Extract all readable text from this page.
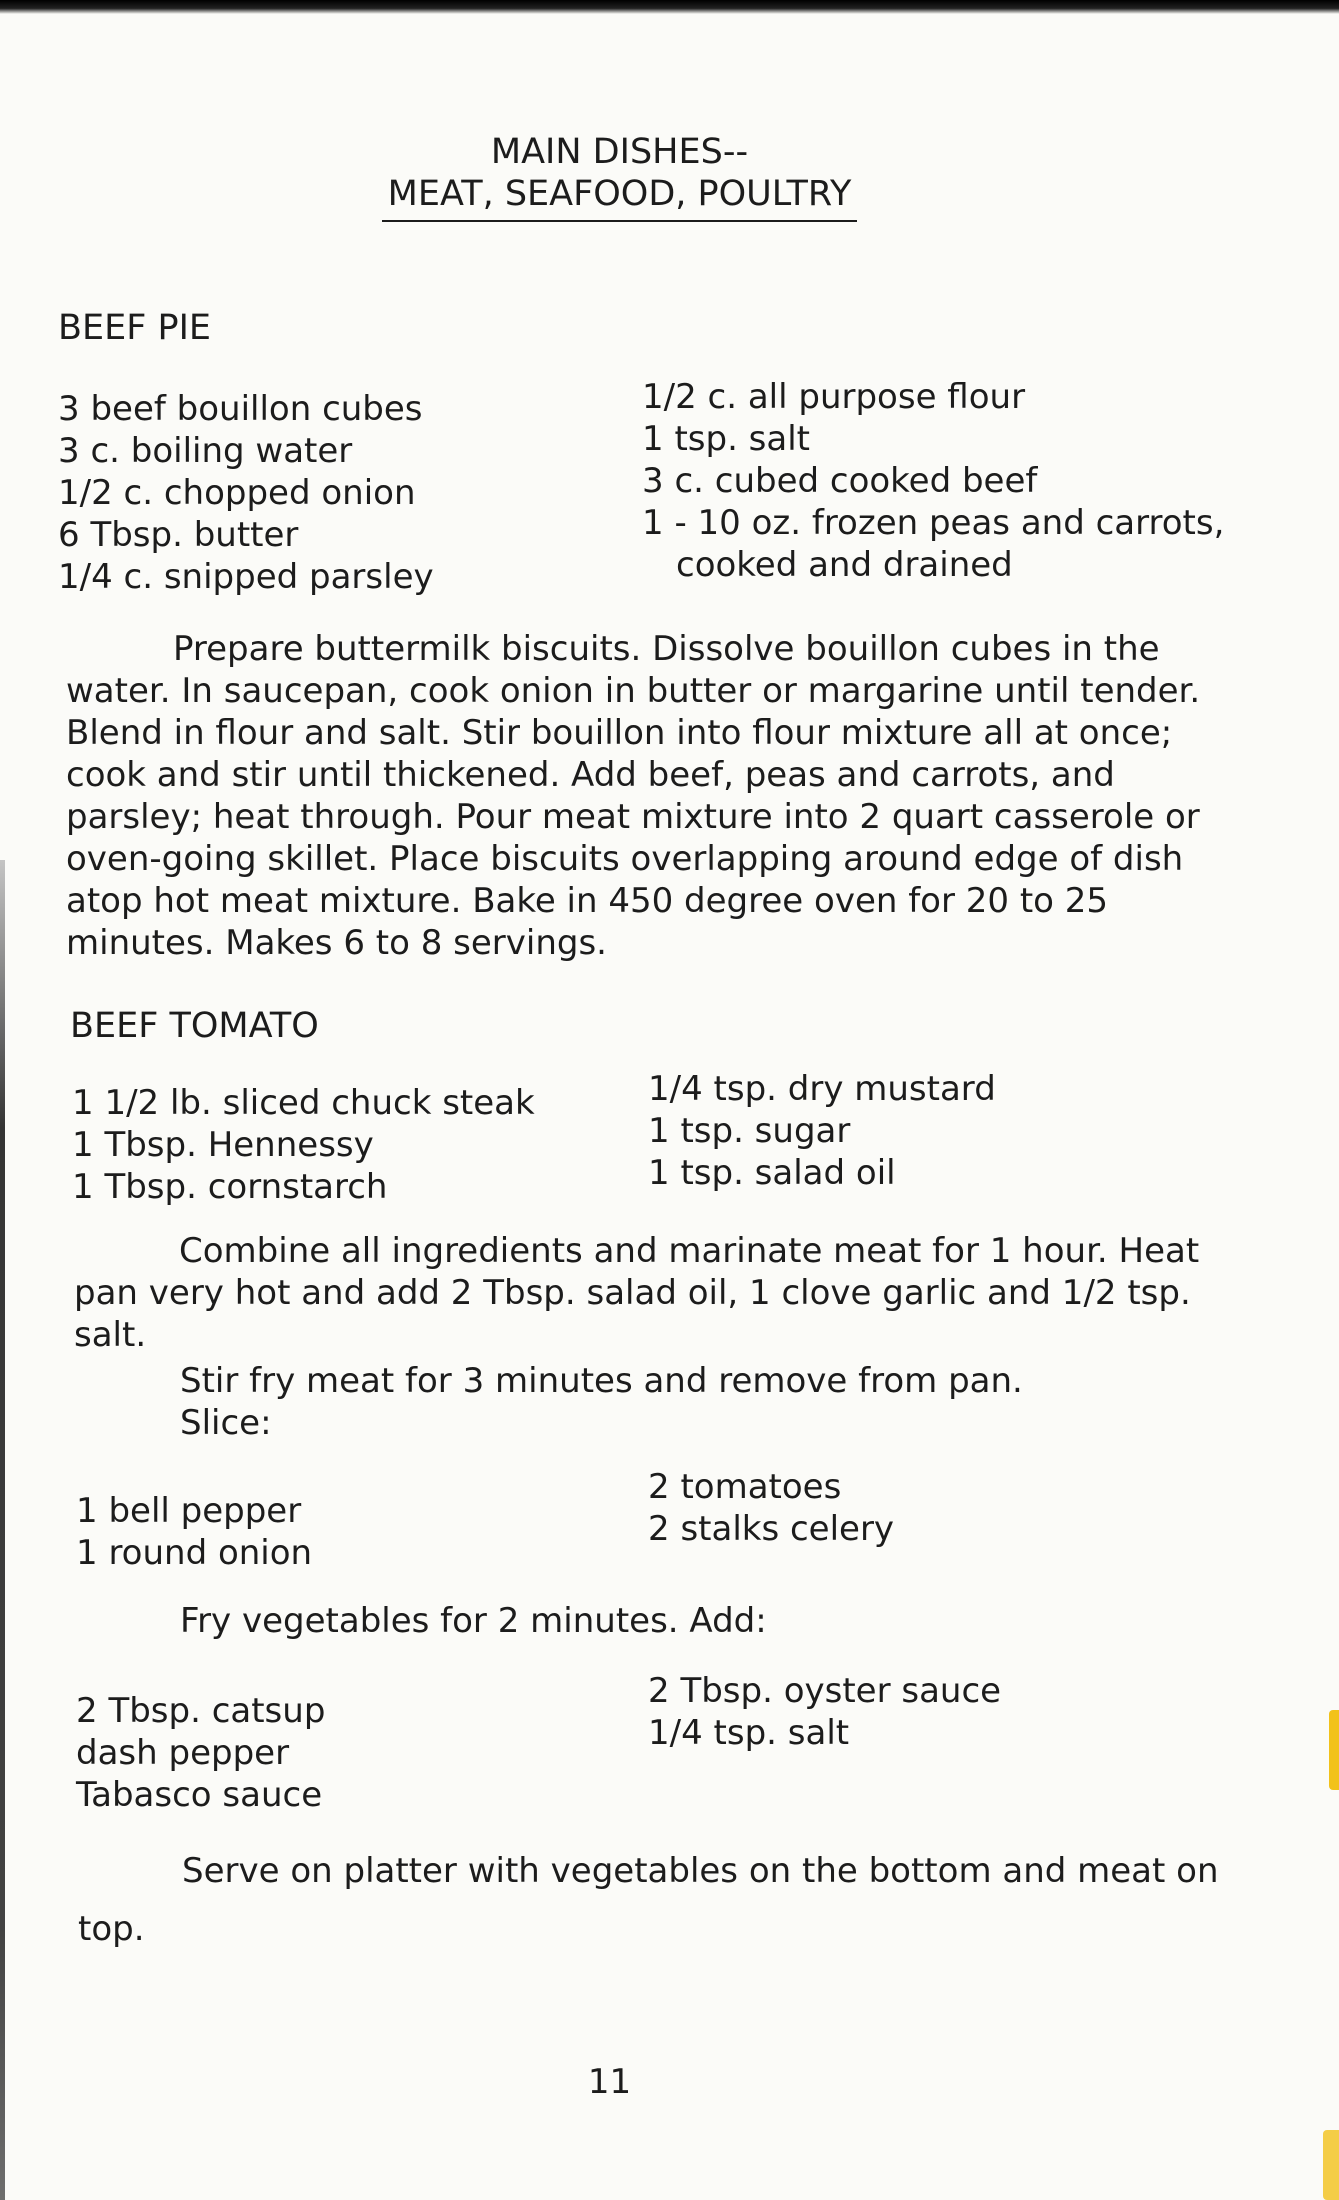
MAIN DISHES--
MEAT, SEAFOOD, POULTRY
BEEF PIE
3 beef bouillon cubes
3 c. boiling water
1/2 c. chopped onion
6 Tbsp. butter
1/4 c. snipped parsley
1/2 c. all purpose flour
1 tsp. salt
3 c. cubed cooked beef
1 - 10 oz. frozen peas and carrots,
cooked and drained
Prepare buttermilk biscuits. Dissolve bouillon cubes in the
water. In saucepan, cook onion in butter or margarine until tender.
Blend in flour and salt. Stir bouillon into flour mixture all at once;
cook and stir until thickened. Add beef, peas and carrots, and
parsley; heat through. Pour meat mixture into 2 quart casserole or
oven-going skillet. Place biscuits overlapping around edge of dish
atop hot meat mixture. Bake in 450 degree oven for 20 to 25
minutes. Makes 6 to 8 servings.
BEEF TOMATO
1 1/2 lb. sliced chuck steak
1 Tbsp. Hennessy
1 Tbsp. cornstarch
1/4 tsp. dry mustard
1 tsp. sugar
1 tsp. salad oil
Combine all ingredients and marinate meat for 1 hour. Heat
pan very hot and add 2 Tbsp. salad oil, 1 clove garlic and 1/2 tsp.
salt.
Stir fry meat for 3 minutes and remove from pan.
Slice:
1 bell pepper
1 round onion
2 tomatoes
2 stalks celery
Fry vegetables for 2 minutes. Add:
2 Tbsp. catsup
dash pepper
Tabasco sauce
2 Tbsp. oyster sauce
1/4 tsp. salt
Serve on platter with vegetables on the bottom and meat on
top.
11
